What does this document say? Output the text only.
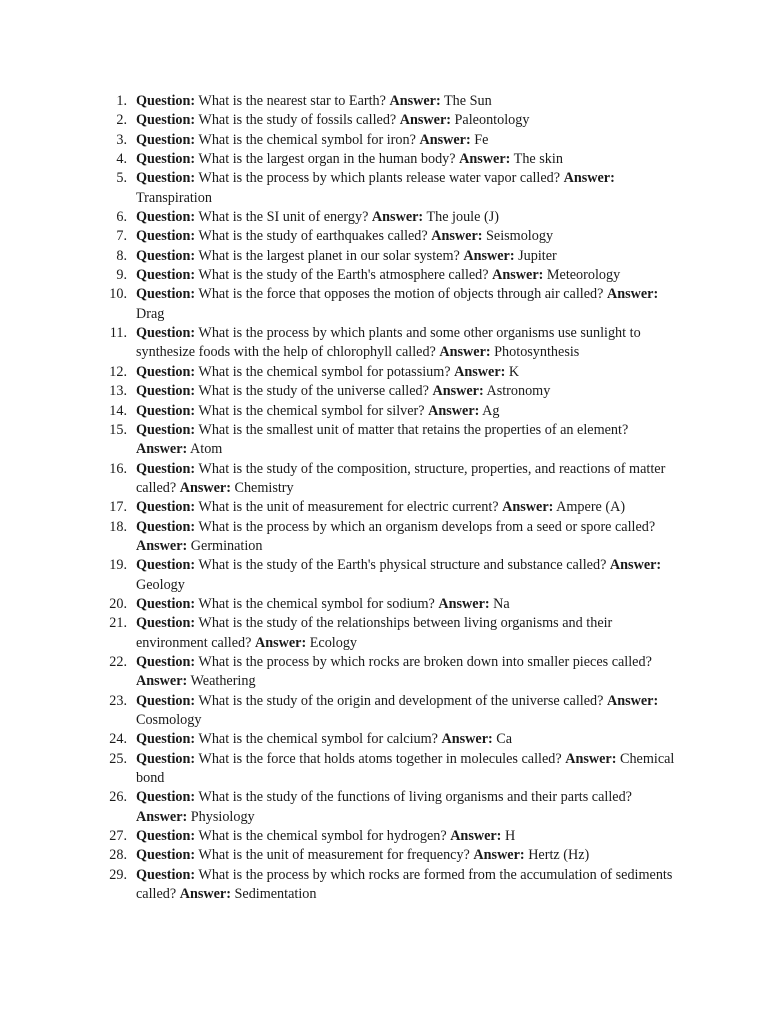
1. Question: What is the nearest star to Earth? Answer: The Sun
2. Question: What is the study of fossils called? Answer: Paleontology
3. Question: What is the chemical symbol for iron? Answer: Fe
4. Question: What is the largest organ in the human body? Answer: The skin
5. Question: What is the process by which plants release water vapor called? Answer: Transpiration
6. Question: What is the SI unit of energy? Answer: The joule (J)
7. Question: What is the study of earthquakes called? Answer: Seismology
8. Question: What is the largest planet in our solar system? Answer: Jupiter
9. Question: What is the study of the Earth's atmosphere called? Answer: Meteorology
10. Question: What is the force that opposes the motion of objects through air called? Answer: Drag
11. Question: What is the process by which plants and some other organisms use sunlight to synthesize foods with the help of chlorophyll called? Answer: Photosynthesis
12. Question: What is the chemical symbol for potassium? Answer: K
13. Question: What is the study of the universe called? Answer: Astronomy
14. Question: What is the chemical symbol for silver? Answer: Ag
15. Question: What is the smallest unit of matter that retains the properties of an element? Answer: Atom
16. Question: What is the study of the composition, structure, properties, and reactions of matter called? Answer: Chemistry
17. Question: What is the unit of measurement for electric current? Answer: Ampere (A)
18. Question: What is the process by which an organism develops from a seed or spore called? Answer: Germination
19. Question: What is the study of the Earth's physical structure and substance called? Answer: Geology
20. Question: What is the chemical symbol for sodium? Answer: Na
21. Question: What is the study of the relationships between living organisms and their environment called? Answer: Ecology
22. Question: What is the process by which rocks are broken down into smaller pieces called? Answer: Weathering
23. Question: What is the study of the origin and development of the universe called? Answer: Cosmology
24. Question: What is the chemical symbol for calcium? Answer: Ca
25. Question: What is the force that holds atoms together in molecules called? Answer: Chemical bond
26. Question: What is the study of the functions of living organisms and their parts called? Answer: Physiology
27. Question: What is the chemical symbol for hydrogen? Answer: H
28. Question: What is the unit of measurement for frequency? Answer: Hertz (Hz)
29. Question: What is the process by which rocks are formed from the accumulation of sediments called? Answer: Sedimentation
